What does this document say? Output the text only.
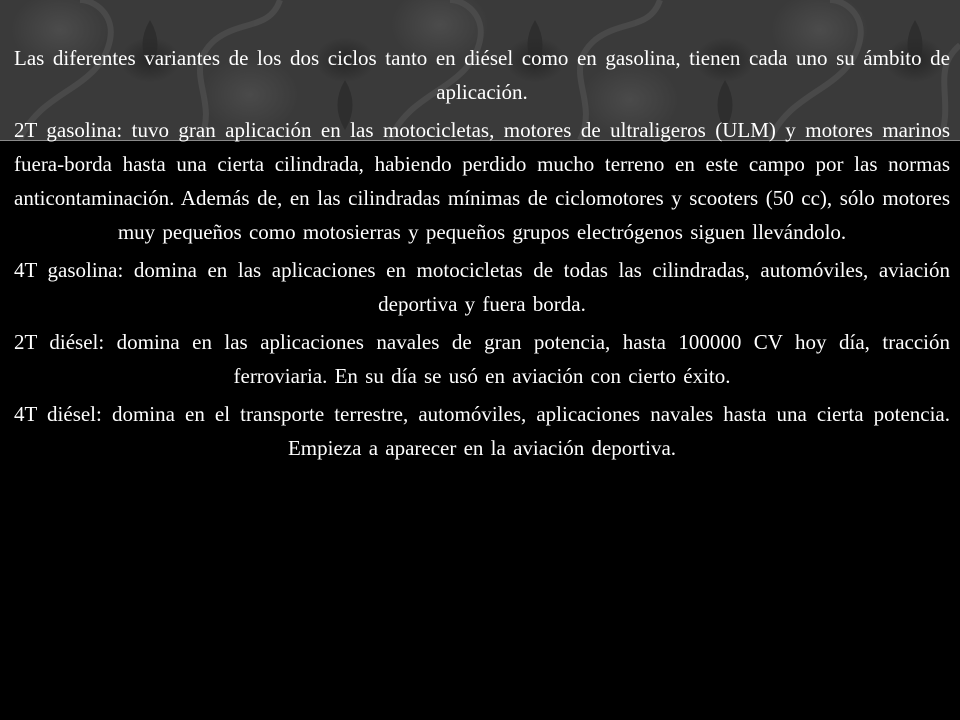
Las diferentes variantes de los dos ciclos tanto en diésel como en gasolina, tienen cada uno su ámbito de aplicación.

2T gasolina: tuvo gran aplicación en las motocicletas, motores de ultraligeros (ULM) y motores marinos fuera-borda hasta una cierta cilindrada, habiendo perdido mucho terreno en este campo por las normas anticontaminación. Además de, en las cilindradas mínimas de ciclomotores y scooters (50 cc), sólo motores muy pequeños como motosierras y pequeños grupos electrógenos siguen llevándolo.

4T gasolina: domina en las aplicaciones en motocicletas de todas las cilindradas, automóviles, aviación deportiva y fuera borda.

2T diésel: domina en las aplicaciones navales de gran potencia, hasta 100000 CV hoy día, tracción ferroviaria. En su día se usó en aviación con cierto éxito.

4T diésel: domina en el transporte terrestre, automóviles, aplicaciones navales hasta una cierta potencia. Empieza a aparecer en la aviación deportiva.
